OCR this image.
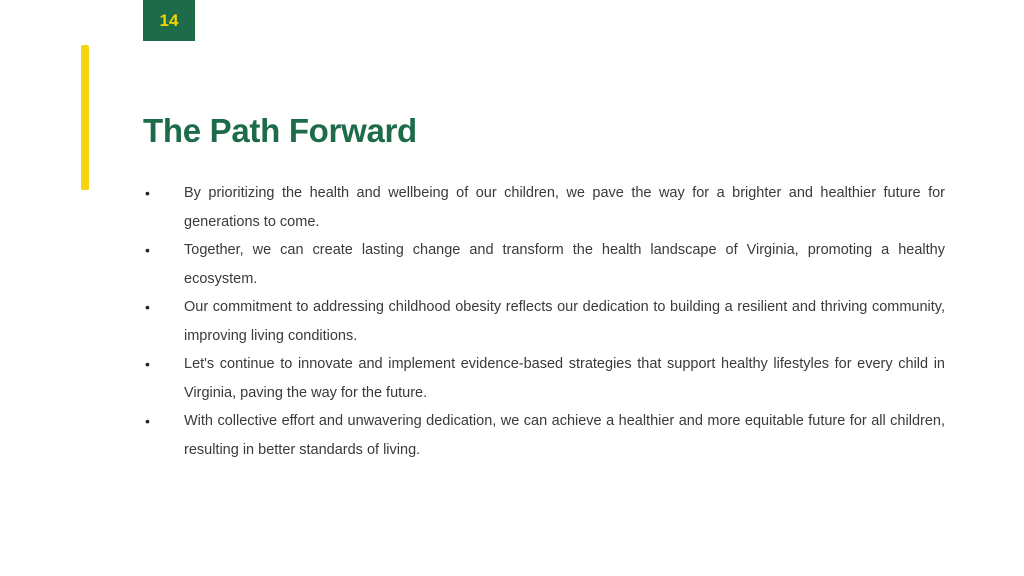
14
The Path Forward
• By prioritizing the health and wellbeing of our children, we pave the way for a brighter and healthier future for generations to come.
• Together, we can create lasting change and transform the health landscape of Virginia, promoting a healthy ecosystem.
• Our commitment to addressing childhood obesity reflects our dedication to building a resilient and thriving community, improving living conditions.
• Let's continue to innovate and implement evidence-based strategies that support healthy lifestyles for every child in Virginia, paving the way for the future.
• With collective effort and unwavering dedication, we can achieve a healthier and more equitable future for all children, resulting in better standards of living.
